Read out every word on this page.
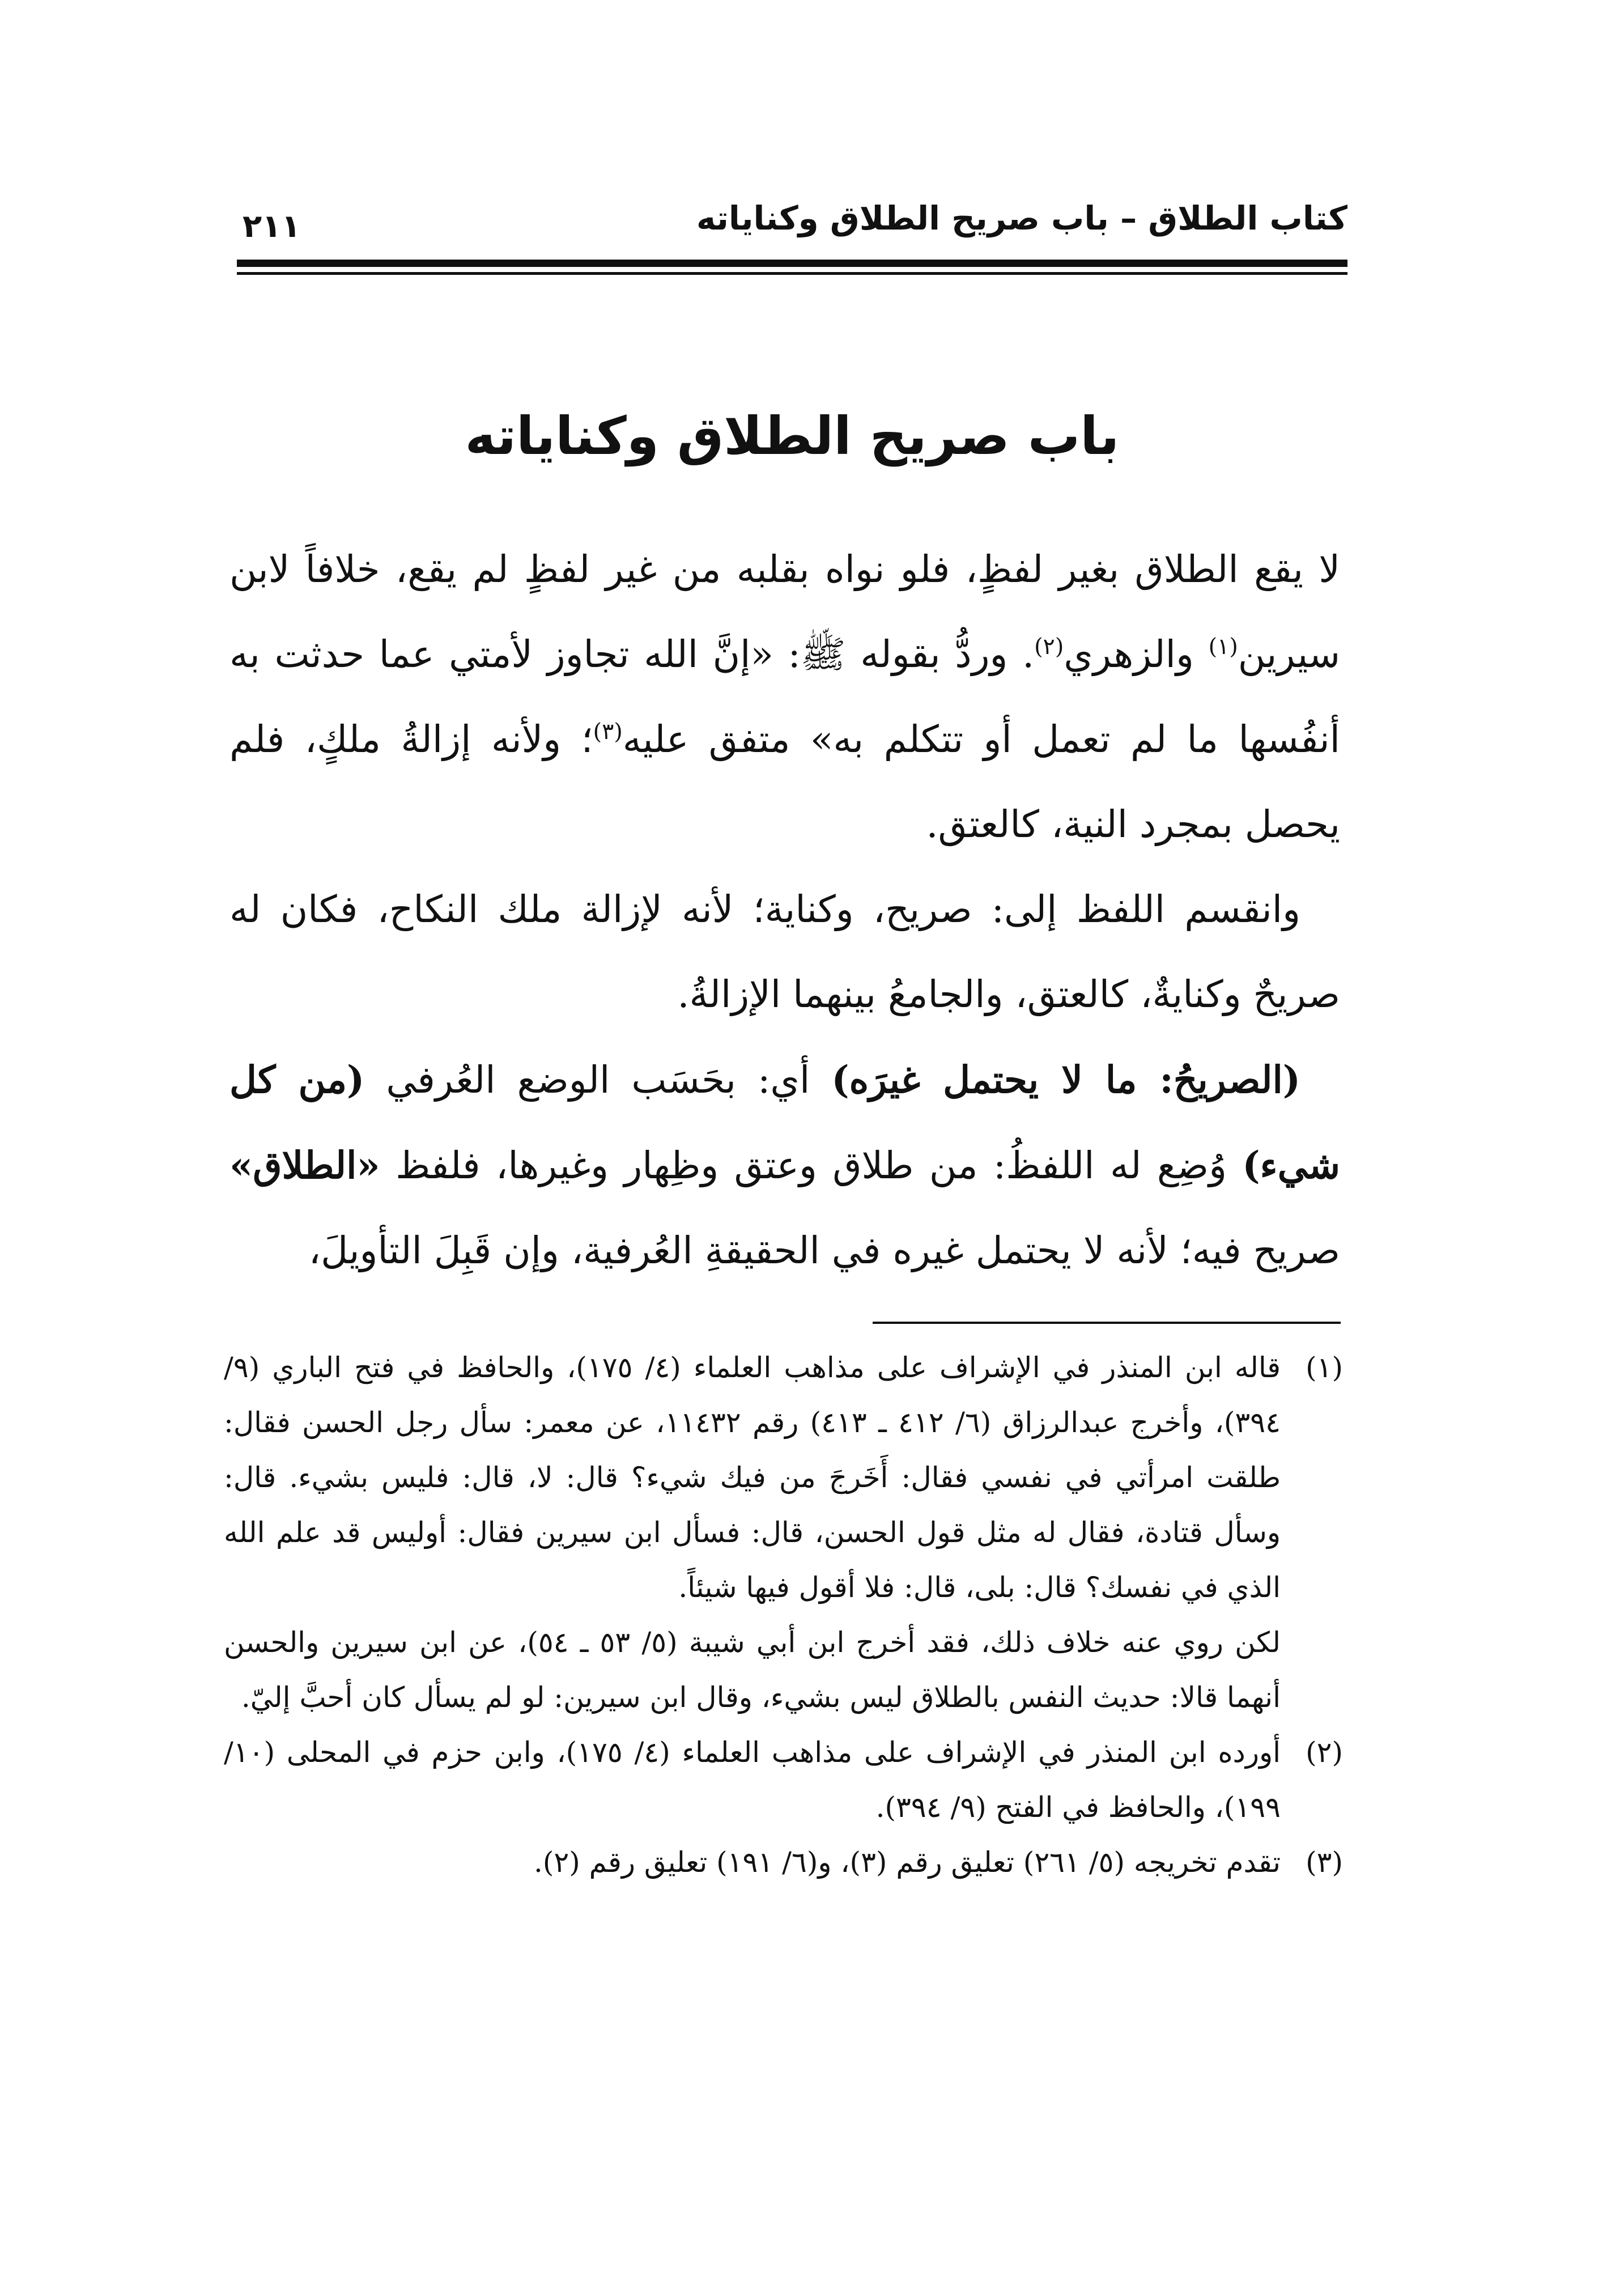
كتاب الطلاق – باب صريح الطلاق وكناياته
٢١١
باب صريح الطلاق وكناياته

لا يقع الطلاق بغير لفظٍ، فلو نواه بقلبه من غير لفظٍ لم يقع، خلافاً لابن سيرين$^{(١)}$ والزهري$^{(٢)}$. وردُّ بقوله ﷺ: «إنَّ الله تجاوز لأمتي عما حدثت به أنفُسها ما لم تعمل أو تتكلم به» متفق عليه$^{(٣)}$؛ ولأنه إزالةُ ملكٍ، فلم يحصل بمجرد النية، كالعتق.

وانقسم اللفظ إلى: صريح، وكناية؛ لأنه لإزالة ملك النكاح، فكان له صريحٌ وكنايةٌ، كالعتق، والجامعُ بينهما الإزالةُ.

(الصريحُ: ما لا يحتمل غيرَه) أي: بحَسَب الوضع العُرفي (من كل شيء) وُضِع له اللفظُ: من طلاق وعتق وظِهار وغيرها، فلفظ «الطلاق» صريح فيه؛ لأنه لا يحتمل غيره في الحقيقةِ العُرفية، وإن قَبِلَ التأويلَ،

(١)
قاله ابن المنذر في الإشراف على مذاهب العلماء (٤/ ١٧٥)، والحافظ في فتح الباري (٩/ ٣٩٤)، وأخرج عبدالرزاق (٦/ ٤١٢ ـ ٤١٣) رقم ١١٤٣٢، عن معمر: سأل رجل الحسن فقال: طلقت امرأتي في نفسي فقال: أَخَرجَ من فيك شيء؟ قال: لا، قال: فليس بشيء. قال: وسأل قتادة، فقال له مثل قول الحسن، قال: فسأل ابن سيرين فقال: أوليس قد علم الله الذي في نفسك؟ قال: بلى، قال: فلا أقول فيها شيئاً.

لكن روي عنه خلاف ذلك، فقد أخرج ابن أبي شيبة (٥/ ٥٣ ـ ٥٤)، عن ابن سيرين والحسن أنهما قالا: حديث النفس بالطلاق ليس بشيء، وقال ابن سيرين: لو لم يسأل كان أحبَّ إليّ.

(٢)
أورده ابن المنذر في الإشراف على مذاهب العلماء (٤/ ١٧٥)، وابن حزم في المحلى (١٠/ ١٩٩)، والحافظ في الفتح (٩/ ٣٩٤).

(٣)
تقدم تخريجه (٥/ ٢٦١) تعليق رقم (٣)، و(٦/ ١٩١) تعليق رقم (٢).
